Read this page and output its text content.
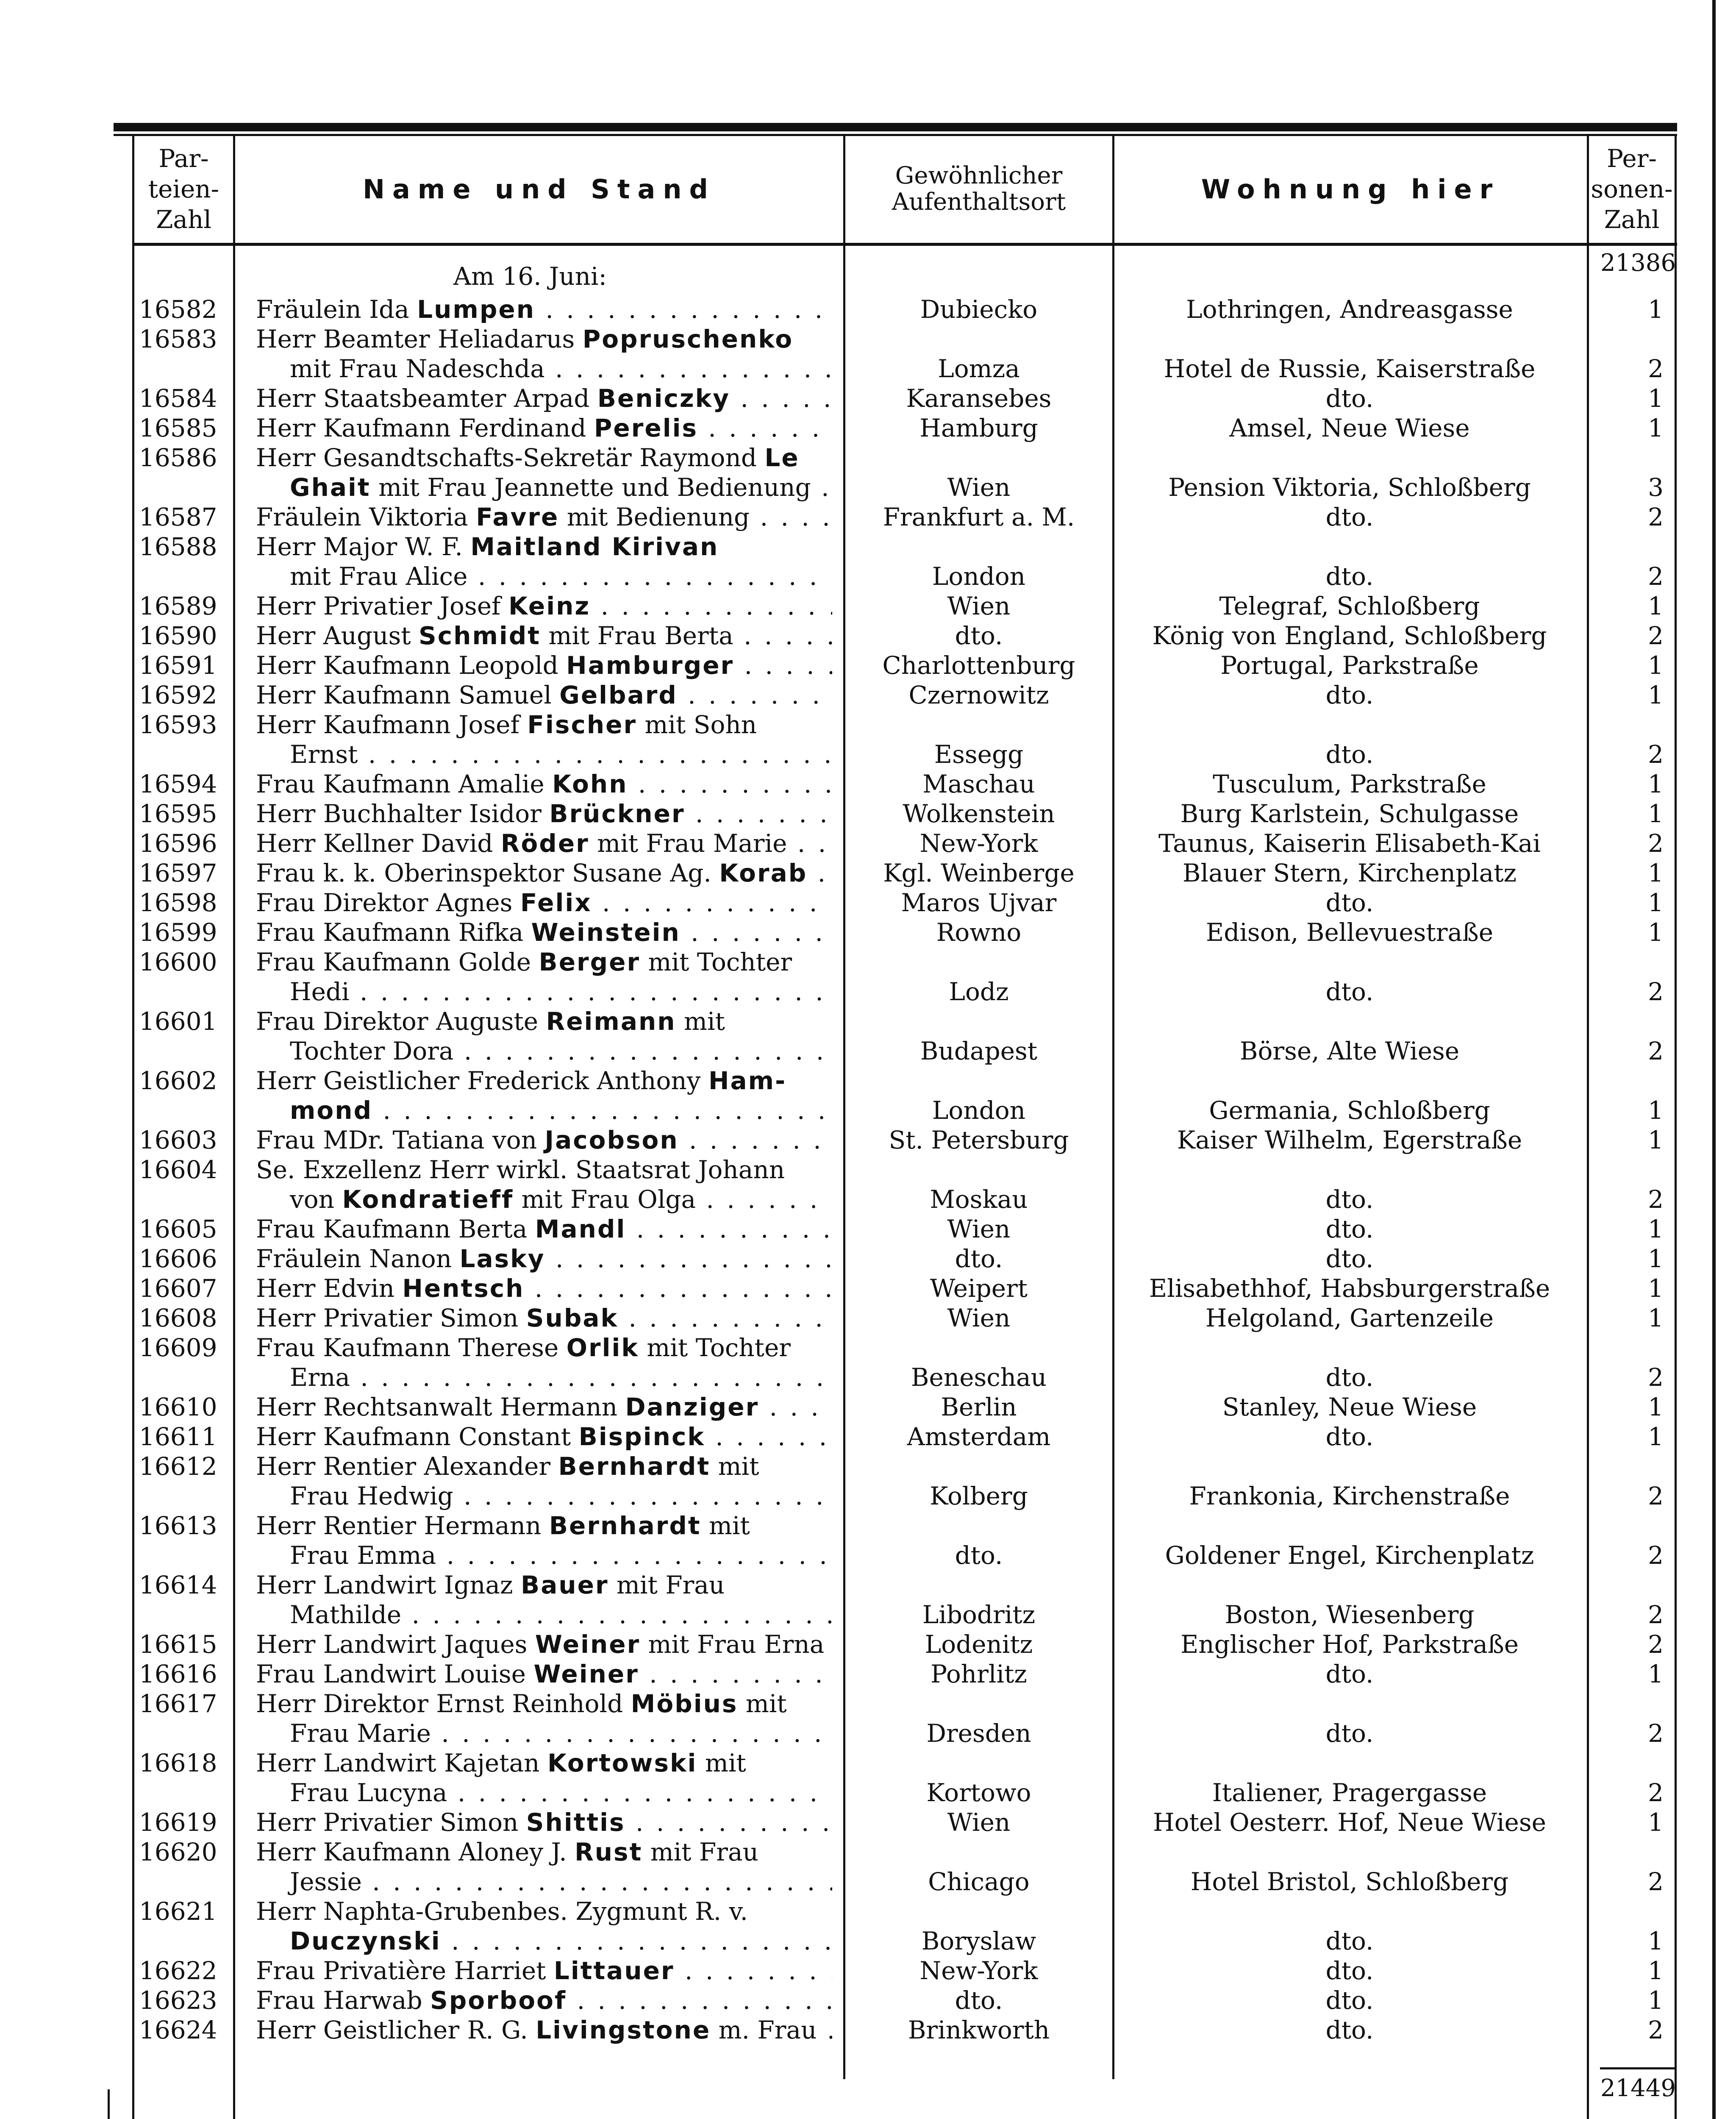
Par-
teien-
Zahl
Name und Stand	Gewöhnlicher
Aufenthaltsort	Wohnung hier
Per-
sonen-
Zahl
21386
Am 16. Juni:
16582	Fräulein Ida Lumpen . . .	Dubiecko	Lothringen, Andreasgasse	1
16583	Herr Beamter Heliadarus Popruschenko
mit Frau Nadeschda . . .	Lomza	Hotel de Russie, Kaiserstraße	2
16584	Herr Staatsbeamter Arpad Beniczky . . .	Karansebes	dto.	1
16585	Herr Kaufmann Ferdinand Perelis . . .	Hamburg	Amsel, Neue Wiese	1
16586	Herr Gesandtschafts-Sekretär Raymond Le
Ghait mit Frau Jeannette und Bedienung . . .	Wien	Pension Viktoria, Schloßberg	3
16587	Fräulein Viktoria Favre mit Bedienung . . .	Frankfurt a. M.	dto.	2
16588	Herr Major W. F. Maitland Kirivan
mit Frau Alice . . .	London	dto.	2
16589	Herr Privatier Josef Keinz . . .	Wien	Telegraf, Schloßberg	1
16590	Herr August Schmidt mit Frau Berta . . .	dto.	König von England, Schloßberg	2
16591	Herr Kaufmann Leopold Hamburger . . .	Charlottenburg	Portugal, Parkstraße	1
16592	Herr Kaufmann Samuel Gelbard . . .	Czernowitz	dto.	1
16593	Herr Kaufmann Josef Fischer mit Sohn
Ernst . . .	Essegg	dto.	2
16594	Frau Kaufmann Amalie Kohn . . .	Maschau	Tusculum, Parkstraße	1
16595	Herr Buchhalter Isidor Brückner . . .	Wolkenstein	Burg Karlstein, Schulgasse	1
16596	Herr Kellner David Röder mit Frau Marie . . .	New-York	Taunus, Kaiserin Elisabeth-Kai	2
16597	Frau k. k. Oberinspektor Susane Ag. Korab . . .	Kgl. Weinberge	Blauer Stern, Kirchenplatz	1
16598	Frau Direktor Agnes Felix . . .	Maros Ujvar	dto.	1
16599	Frau Kaufmann Rifka Weinstein . . .	Rowno	Edison, Bellevuestraße	1
16600	Frau Kaufmann Golde Berger mit Tochter
Hedi . . .	Lodz	dto.	2
16601	Frau Direktor Auguste Reimann mit
Tochter Dora . . .	Budapest	Börse, Alte Wiese	2
16602	Herr Geistlicher Frederick Anthony Ham-
mond . . .	London	Germania, Schloßberg	1
16603	Frau MDr. Tatiana von Jacobson . . .	St. Petersburg	Kaiser Wilhelm, Egerstraße	1
16604	Se. Exzellenz Herr wirkl. Staatsrat Johann
von Kondratieff mit Frau Olga . . .	Moskau	dto.	2
16605	Frau Kaufmann Berta Mandl . . .	Wien	dto.	1
16606	Fräulein Nanon Lasky . . .	dto.	dto.	1
16607	Herr Edvin Hentsch . . .	Weipert	Elisabethhof, Habsburgerstraße	1
16608	Herr Privatier Simon Subak . . .	Wien	Helgoland, Gartenzeile	1
16609	Frau Kaufmann Therese Orlik mit Tochter
Erna . . .	Beneschau	dto.	2
16610	Herr Rechtsanwalt Hermann Danziger . . .	Berlin	Stanley, Neue Wiese	1
16611	Herr Kaufmann Constant Bispinck . . .	Amsterdam	dto.	1
16612	Herr Rentier Alexander Bernhardt mit
Frau Hedwig . . .	Kolberg	Frankonia, Kirchenstraße	2
16613	Herr Rentier Hermann Bernhardt mit
Frau Emma . . .	dto.	Goldener Engel, Kirchenplatz	2
16614	Herr Landwirt Ignaz Bauer mit Frau
Mathilde . . .	Libodritz	Boston, Wiesenberg	2
16615	Herr Landwirt Jaques Weiner mit Frau Erna . . .	Lodenitz	Englischer Hof, Parkstraße	2
16616	Frau Landwirt Louise Weiner . . .	Pohrlitz	dto.	1
16617	Herr Direktor Ernst Reinhold Möbius mit
Frau Marie . . .	Dresden	dto.	2
16618	Herr Landwirt Kajetan Kortowski mit
Frau Lucyna . . .	Kortowo	Italiener, Pragergasse	2
16619	Herr Privatier Simon Shittis . . .	Wien	Hotel Oesterr. Hof, Neue Wiese	1
16620	Herr Kaufmann Aloney J. Rust mit Frau
Jessie . . .	Chicago	Hotel Bristol, Schloßberg	2
16621	Herr Naphta-Grubenbes. Zygmunt R. v.
Duczynski . . .	Boryslaw	dto.	1
16622	Frau Privatière Harriet Littauer . . .	New-York	dto.	1
16623	Frau Harwab Sporboof . . .	dto.	dto.	1
16624	Herr Geistlicher R. G. Livingstone m. Frau . . .	Brinkworth	dto.	2
21449
